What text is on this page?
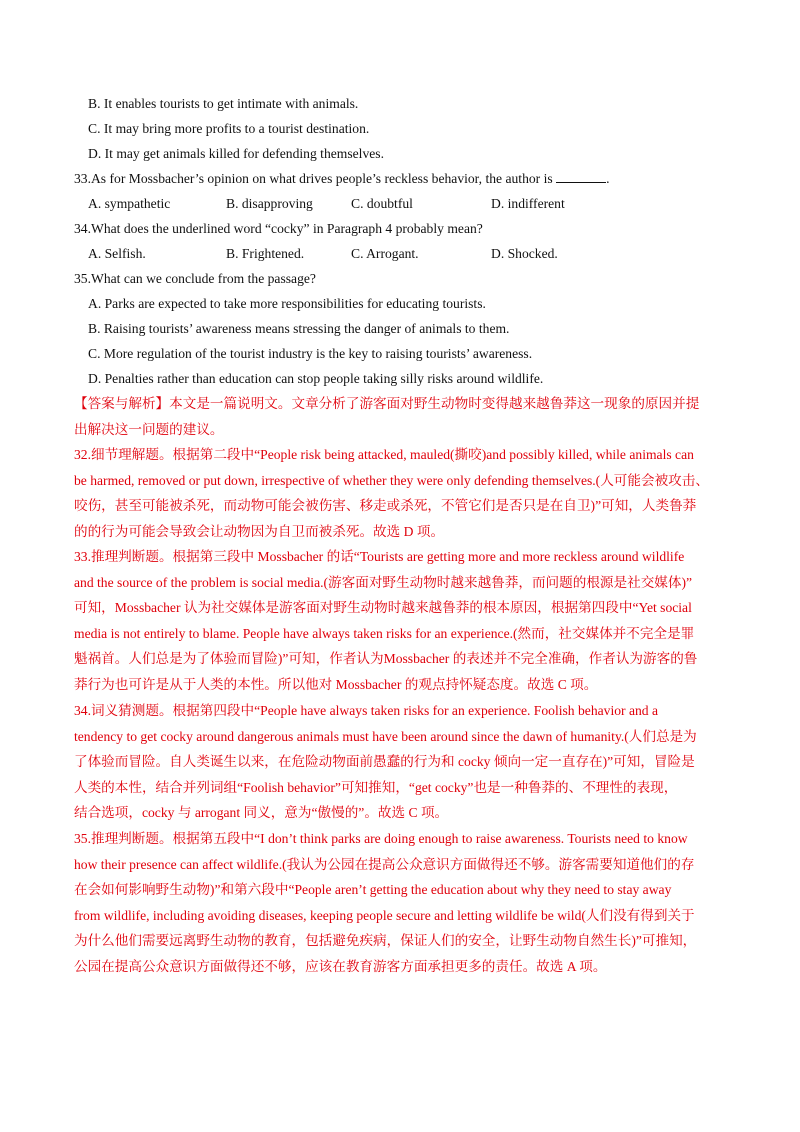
B. It enables tourists to get intimate with animals.
C. It may bring more profits to a tourist destination.
D. It may get animals killed for defending themselves.
33.As for Mossbacher’s opinion on what drives people’s reckless behavior, the author is	.
A. sympathetic	B. disapproving	C. doubtful	D. indifferent
34.What does the underlined word “cocky” in Paragraph 4 probably mean?
A. Selfish.	B. Frightened.	C. Arrogant.	D. Shocked.
35.What can we conclude from the passage?
A. Parks are expected to take more responsibilities for educating tourists.
B. Raising tourists’ awareness means stressing the danger of animals to them.
C. More regulation of the tourist industry is the key to raising tourists’ awareness.
D. Penalties rather than education can stop people taking silly risks around wildlife.
【答案与解析】本文是一篇说明文。文章分析了游客面对野生动物时变得越来越鲁莽这一现象的原因并提
出解决这一问题的建议。
32.细节理解题。根据第二段中“People risk being attacked, mauled(撕咬)and possibly killed, while animals can
be harmed, removed or put down, irrespective of whether they were only defending themselves.(人可能会被攻击、
咬伤，甚至可能被杀死，而动物可能会被伤害、移走或杀死，不管它们是否只是在自卫)”可知，人类鲁莽
的的行为可能会导致会让动物因为自卫而被杀死。故选 D 项。
33.推理判断题。根据第三段中 Mossbacher 的话“Tourists are getting more and more reckless around wildlife
and the source of the problem is social media.(游客面对野生动物时越来越鲁莽，而问题的根源是社交媒体)”
可知，Mossbacher 认为社交媒体是游客面对野生动物时越来越鲁莽的根本原因，根据第四段中“Yet social
media is not entirely to blame. People have always taken risks for an experience.(然而，社交媒体并不完全是罪
魁祸首。人们总是为了体验而冒险)”可知，作者认为Mossbacher 的表述并不完全准确，作者认为游客的鲁
莽行为也可许是从于人类的本性。所以他对 Mossbacher 的观点持怀疑态度。故选 C 项。
34.词义猜测题。根据第四段中“People have always taken risks for an experience. Foolish behavior and a
tendency to get cocky around dangerous animals must have been around since the dawn of humanity.(人们总是为
了体验而冒险。自人类诞生以来，在危险动物面前愚蠢的行为和 cocky 倾向一定一直存在)”可知，冒险是
人类的本性，结合并列词组“Foolish behavior”可知推知，“get cocky”也是一种鲁莽的、不理性的表现，
结合选项，cocky 与 arrogant 同义，意为“傲慢的”。故选 C 项。
35.推理判断题。根据第五段中“I don’t think parks are doing enough to raise awareness. Tourists need to know
how their presence can affect wildlife.(我认为公园在提高公众意识方面做得还不够。游客需要知道他们的存
在会如何影响野生动物)”和第六段中“People aren’t getting the education about why they need to stay away
from wildlife, including avoiding diseases, keeping people secure and letting wildlife be wild(人们没有得到关于
为什么他们需要远离野生动物的教育，包括避免疾病，保证人们的安全，让野生动物自然生长)”可推知，
公园在提高公众意识方面做得还不够，应该在教育游客方面承担更多的责任。故选 A 项。
